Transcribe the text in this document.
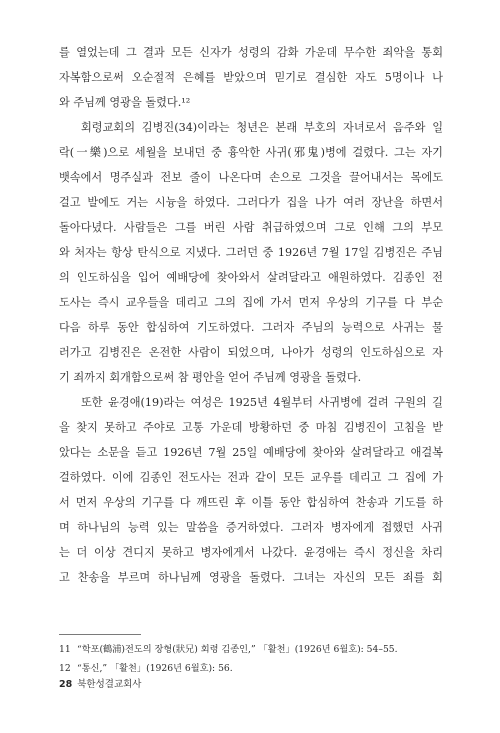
를 열었는데 그 결과 모든 신자가 성령의 감화 가운데 무수한 죄악을 통회
자복함으로써 오순절적 은혜를 받았으며 믿기로 결심한 자도 5명이나 나
와 주님께 영광을 돌렸다.¹²
회령교회의 김병진(34)이라는 청년은 본래 부호의 자녀로서 음주와 일
락(一樂)으로 세월을 보내던 중 흉악한 사귀(邪鬼)병에 걸렸다. 그는 자기
뱃속에서 명주실과 전보 줄이 나온다며 손으로 그것을 끌어내서는 목에도
걸고 발에도 거는 시늉을 하였다. 그러다가 집을 나가 여러 장난을 하면서
돌아다녔다. 사람들은 그를 버린 사람 취급하였으며 그로 인해 그의 부모
와 처자는 항상 탄식으로 지냈다. 그러던 중 1926년 7월 17일 김병진은 주님
의 인도하심을 입어 예배당에 찾아와서 살려달라고 애원하였다. 김종인 전
도사는 즉시 교우들을 데리고 그의 집에 가서 먼저 우상의 기구를 다 부순
다음 하루 동안 합심하여 기도하였다. 그러자 주님의 능력으로 사귀는 물
러가고 김병진은 온전한 사람이 되었으며, 나아가 성령의 인도하심으로 자
기 죄까지 회개함으로써 참 평안을 얻어 주님께 영광을 돌렸다.
또한 윤경애(19)라는 여성은 1925년 4월부터 사귀병에 걸려 구원의 길
을 찾지 못하고 주야로 고통 가운데 방황하던 중 마침 김병진이 고침을 받
았다는 소문을 듣고 1926년 7월 25일 예배당에 찾아와 살려달라고 애걸복
걸하였다. 이에 김종인 전도사는 전과 같이 모든 교우를 데리고 그 집에 가
서 먼저 우상의 기구를 다 깨뜨린 후 이틀 동안 합심하여 찬송과 기도를 하
며 하나님의 능력 있는 말씀을 증거하였다. 그러자 병자에게 접했던 사귀
는 더 이상 견디지 못하고 병자에게서 나갔다. 윤경애는 즉시 정신을 차리
고 찬송을 부르며 하나님께 영광을 돌렸다. 그녀는 자신의 모든 죄를 회
11 “학포(鶴浦)전도의 장형(狀兄) 회령 김종인,” 「활천」(1926년 6월호): 54–55.
12 “통신,” 「활천」(1926년 6월호): 56.
28 북한성결교회사
